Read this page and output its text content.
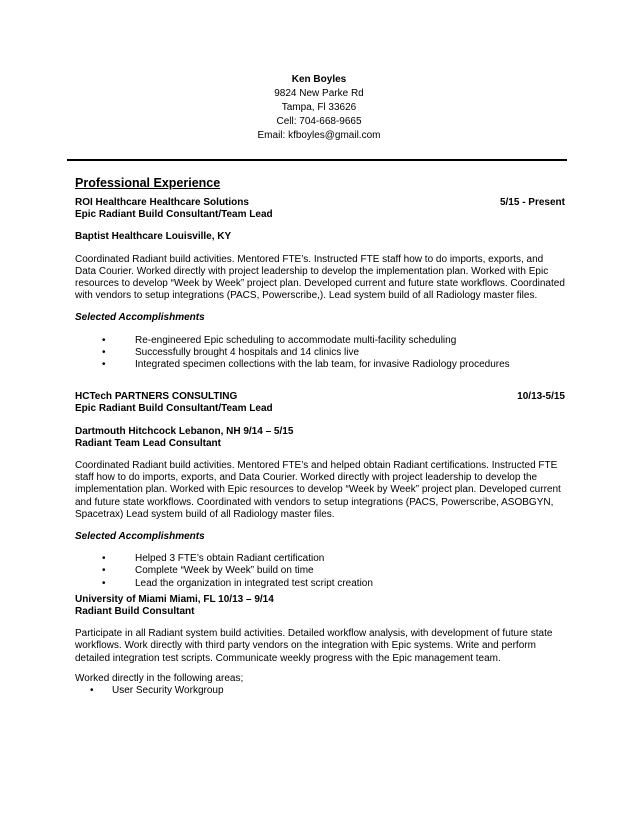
Ken Boyles
9824 New Parke Rd
Tampa, Fl 33626
Cell: 704-668-9665
Email: kfboyles@gmail.com
Professional Experience
ROI Healthcare Healthcare Solutions	5/15 - Present
Epic Radiant Build Consultant/Team Lead
Baptist Healthcare Louisville, KY

Coordinated Radiant build activities. Mentored FTE’s. Instructed FTE staff how to do imports, exports, and Data Courier. Worked directly with project leadership to develop the implementation plan. Worked with Epic resources to develop “Week by Week” project plan. Developed current and future state workflows. Coordinated with vendors to setup integrations (PACS, Powerscribe,). Lead system build of all Radiology master files.

Selected Accomplishments
• Re-engineered Epic scheduling to accommodate multi-facility scheduling
• Successfully brought 4 hospitals and 14 clinics live
• Integrated specimen collections with the lab team, for invasive Radiology procedures
HCTech PARTNERS CONSULTING	10/13-5/15
Epic Radiant Build Consultant/Team Lead
Dartmouth Hitchcock Lebanon, NH 9/14 – 5/15
Radiant Team Lead Consultant

Coordinated Radiant build activities. Mentored FTE’s and helped obtain Radiant certifications. Instructed FTE staff how to do imports, exports, and Data Courier. Worked directly with project leadership to develop the implementation plan. Worked with Epic resources to develop “Week by Week” project plan. Developed current and future state workflows. Coordinated with vendors to setup integrations (PACS, Powerscribe, ASOBGYN, Spacetrax) Lead system build of all Radiology master files.

Selected Accomplishments
• Helped 3 FTE’s obtain Radiant certification
• Complete “Week by Week” build on time
• Lead the organization in integrated test script creation
University of Miami Miami, FL 10/13 – 9/14
Radiant Build Consultant

Participate in all Radiant system build activities. Detailed workflow analysis, with development of future state workflows. Work directly with third party vendors on the integration with Epic systems. Write and perform detailed integration test scripts. Communicate weekly progress with the Epic management team.

Worked directly in the following areas;
• User Security Workgroup
